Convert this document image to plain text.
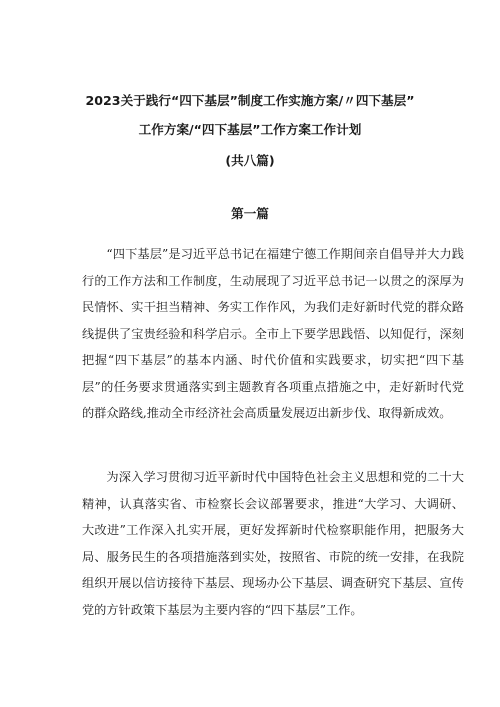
2023关于践行“四下基层”制度工作实施方案/〃四下基层”
工作方案/“四下基层”工作方案工作计划
(共八篇)
第一篇

“四下基层”是习近平总书记在福建宁德工作期间亲自倡导并大力践行的工作方法和工作制度，生动展现了习近平总书记一以贯之的深厚为民情怀、实干担当精神、务实工作作风，为我们走好新时代党的群众路线提供了宝贵经验和科学启示。全市上下要学思践悟、以知促行，深刻把握“四下基层”的基本内涵、时代价值和实践要求，切实把“四下基层”的任务要求贯通落实到主题教育各项重点措施之中，走好新时代党的群众路线,推动全市经济社会高质量发展迈出新步伐、取得新成效。

为深入学习贯彻习近平新时代中国特色社会主义思想和党的二十大精神，认真落实省、市检察长会议部署要求，推进“大学习、大调研、大改进”工作深入扎实开展，更好发挥新时代检察职能作用，把服务大局、服务民生的各项措施落到实处，按照省、市院的统一安排，在我院组织开展以信访接待下基层、现场办公下基层、调查研究下基层、宣传党的方针政策下基层为主要内容的“四下基层”工作。
